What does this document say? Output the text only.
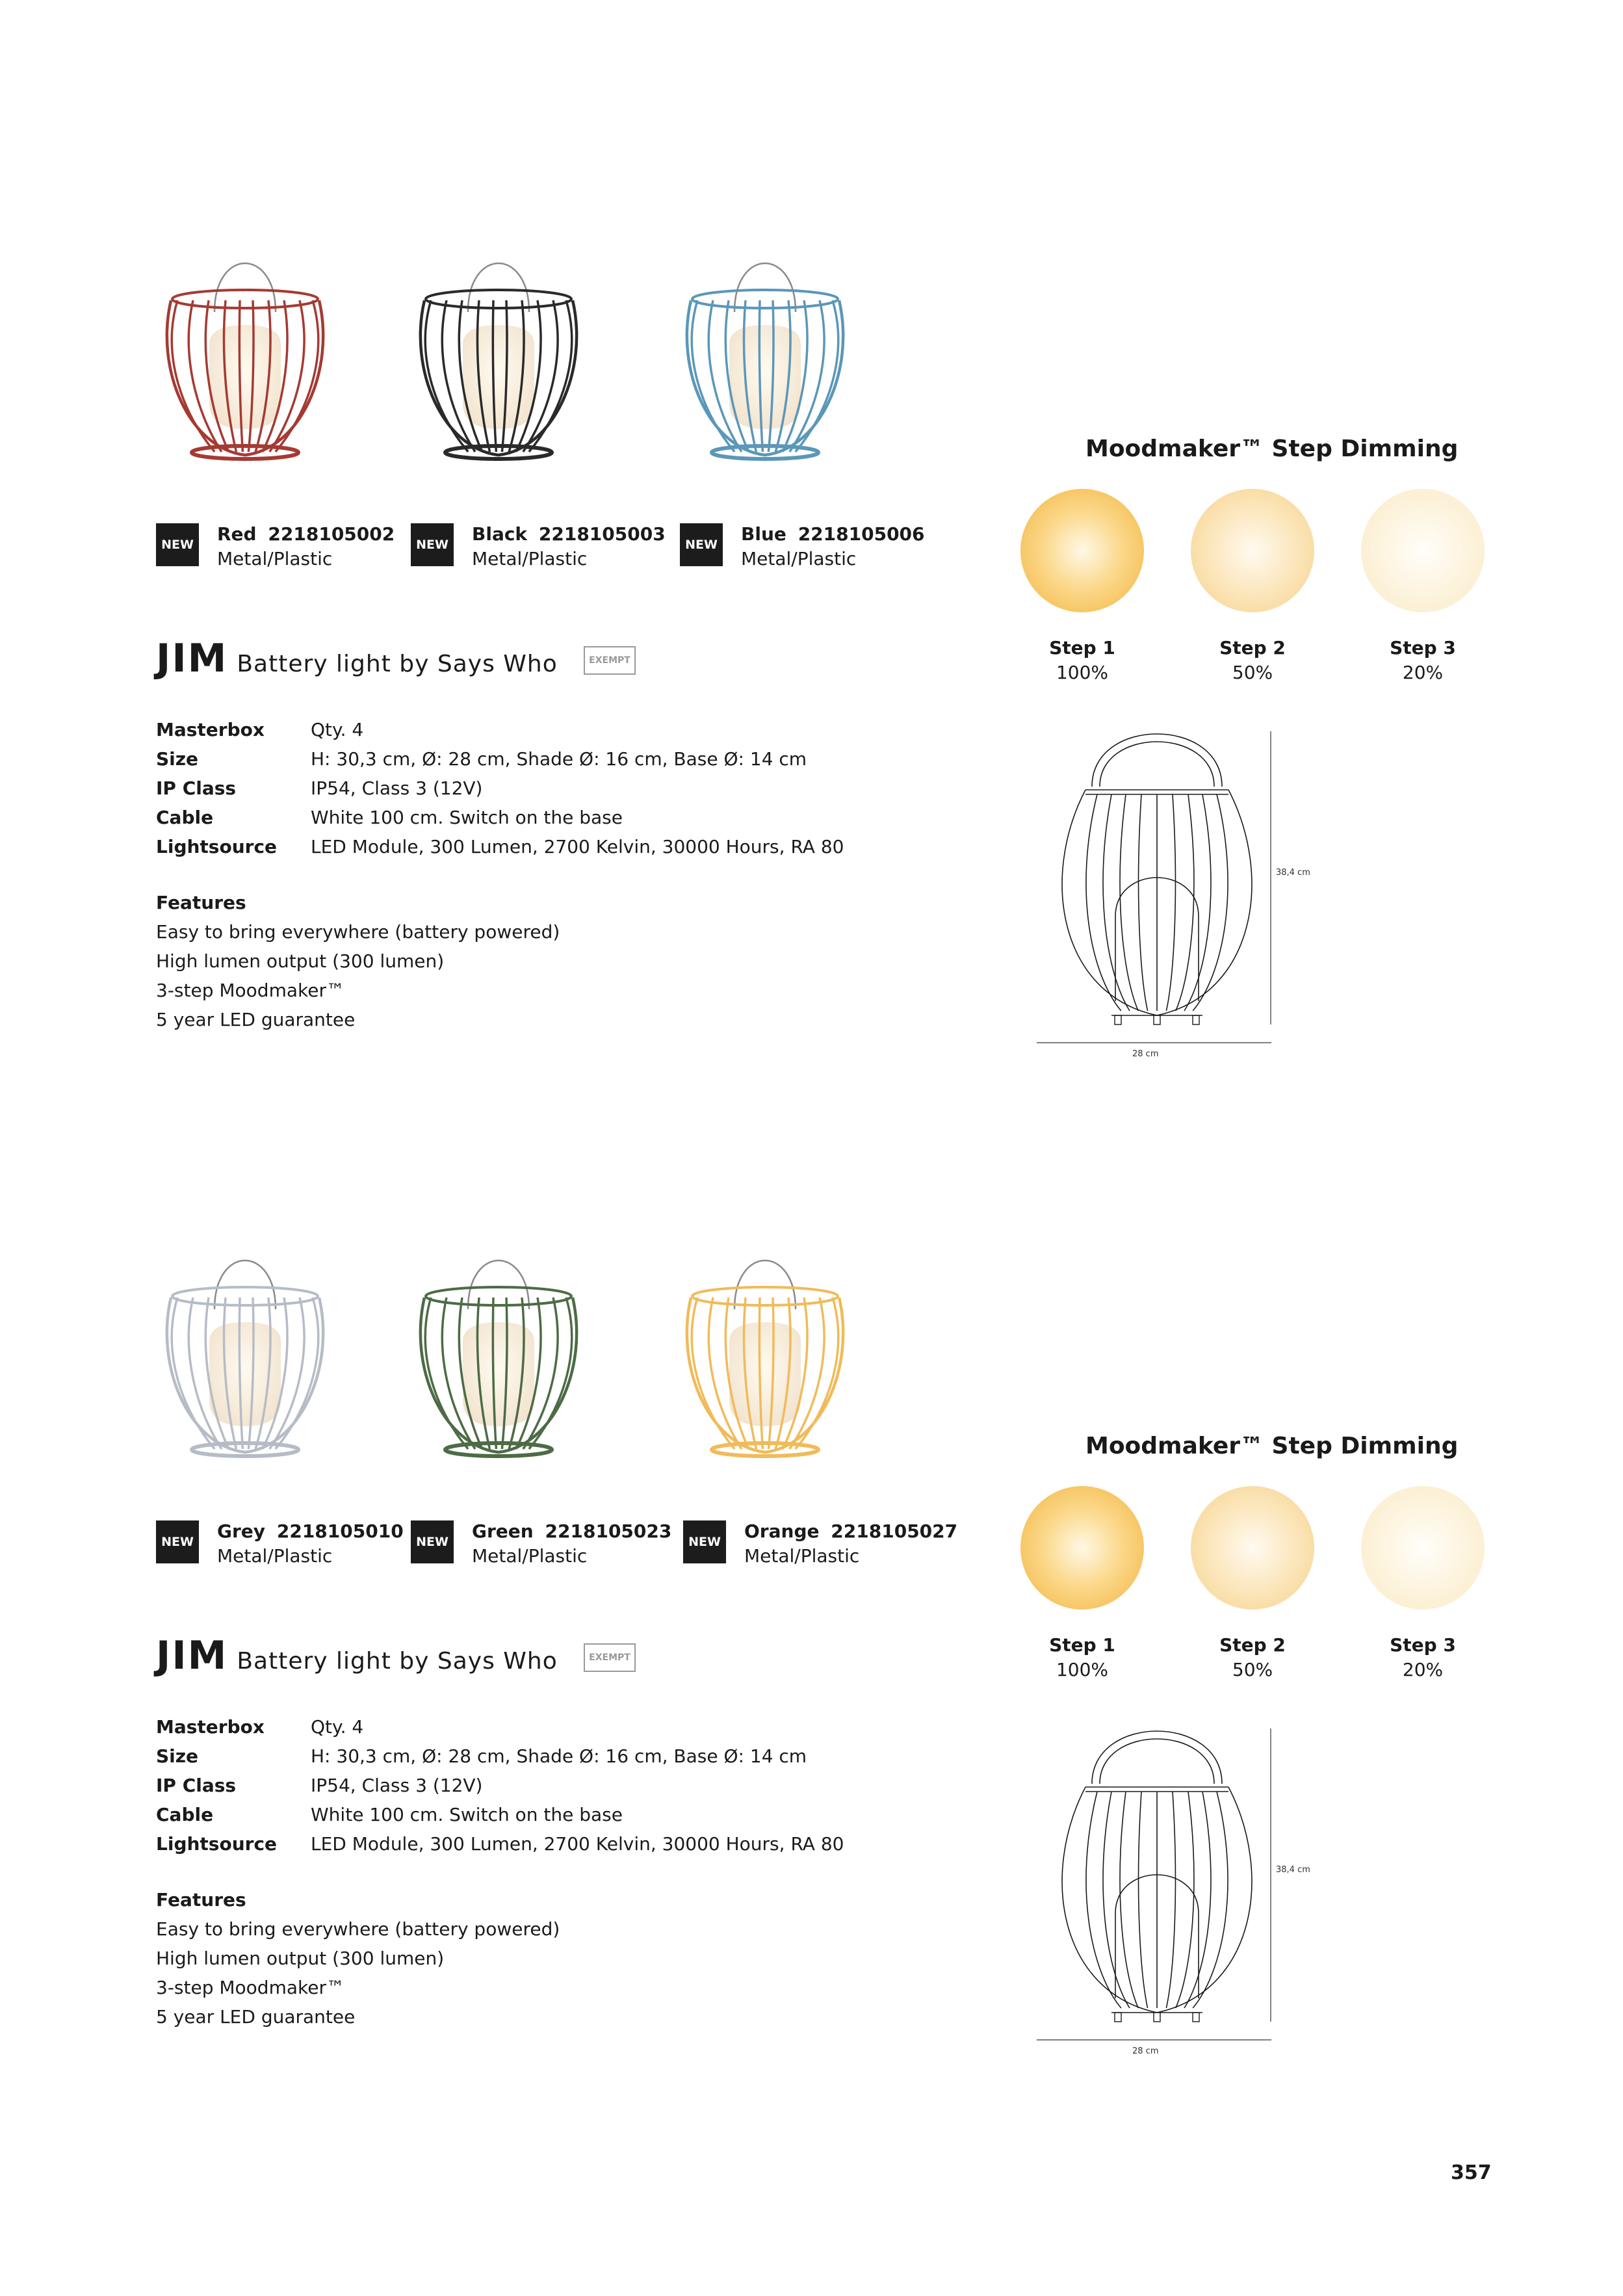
NEW Red 2218105002
Metal/Plastic
NEW Black 2218105003
Metal/Plastic
NEW Blue 2218105006
Metal/Plastic
JIM Battery light by Says Who	EXEMPT
Masterbox	Qty. 4
Size	H: 30,3 cm, Ø: 28 cm, Shade Ø: 16 cm, Base Ø: 14 cm
IP Class	IP54, Class 3 (12V)
Cable	White 100 cm. Switch on the base
Lightsource LED Module, 300 Lumen, 2700 Kelvin, 30000 Hours, RA 80
Features
Easy to bring everywhere (battery powered)
High lumen output (300 lumen)
3-step Moodmaker™
5 year LED guarantee
Moodmaker™ Step Dimming
Step 1
100%
Step 2
50%
Step 3
20%
38,4 cm
28 cm
NEW Grey 2218105010
Metal/Plastic
NEW Green 2218105023
Metal/Plastic
NEW Orange 2218105027
Metal/Plastic
JIM Battery light by Says Who	EXEMPT
Masterbox	Qty. 4
Size	H: 30,3 cm, Ø: 28 cm, Shade Ø: 16 cm, Base Ø: 14 cm
IP Class	IP54, Class 3 (12V)
Cable	White 100 cm. Switch on the base
Lightsource LED Module, 300 Lumen, 2700 Kelvin, 30000 Hours, RA 80
Features
Easy to bring everywhere (battery powered)
High lumen output (300 lumen)
3-step Moodmaker™
5 year LED guarantee
Moodmaker™ Step Dimming
Step 1
100%
Step 2
50%
Step 3
20%
38,4 cm
28 cm
357
